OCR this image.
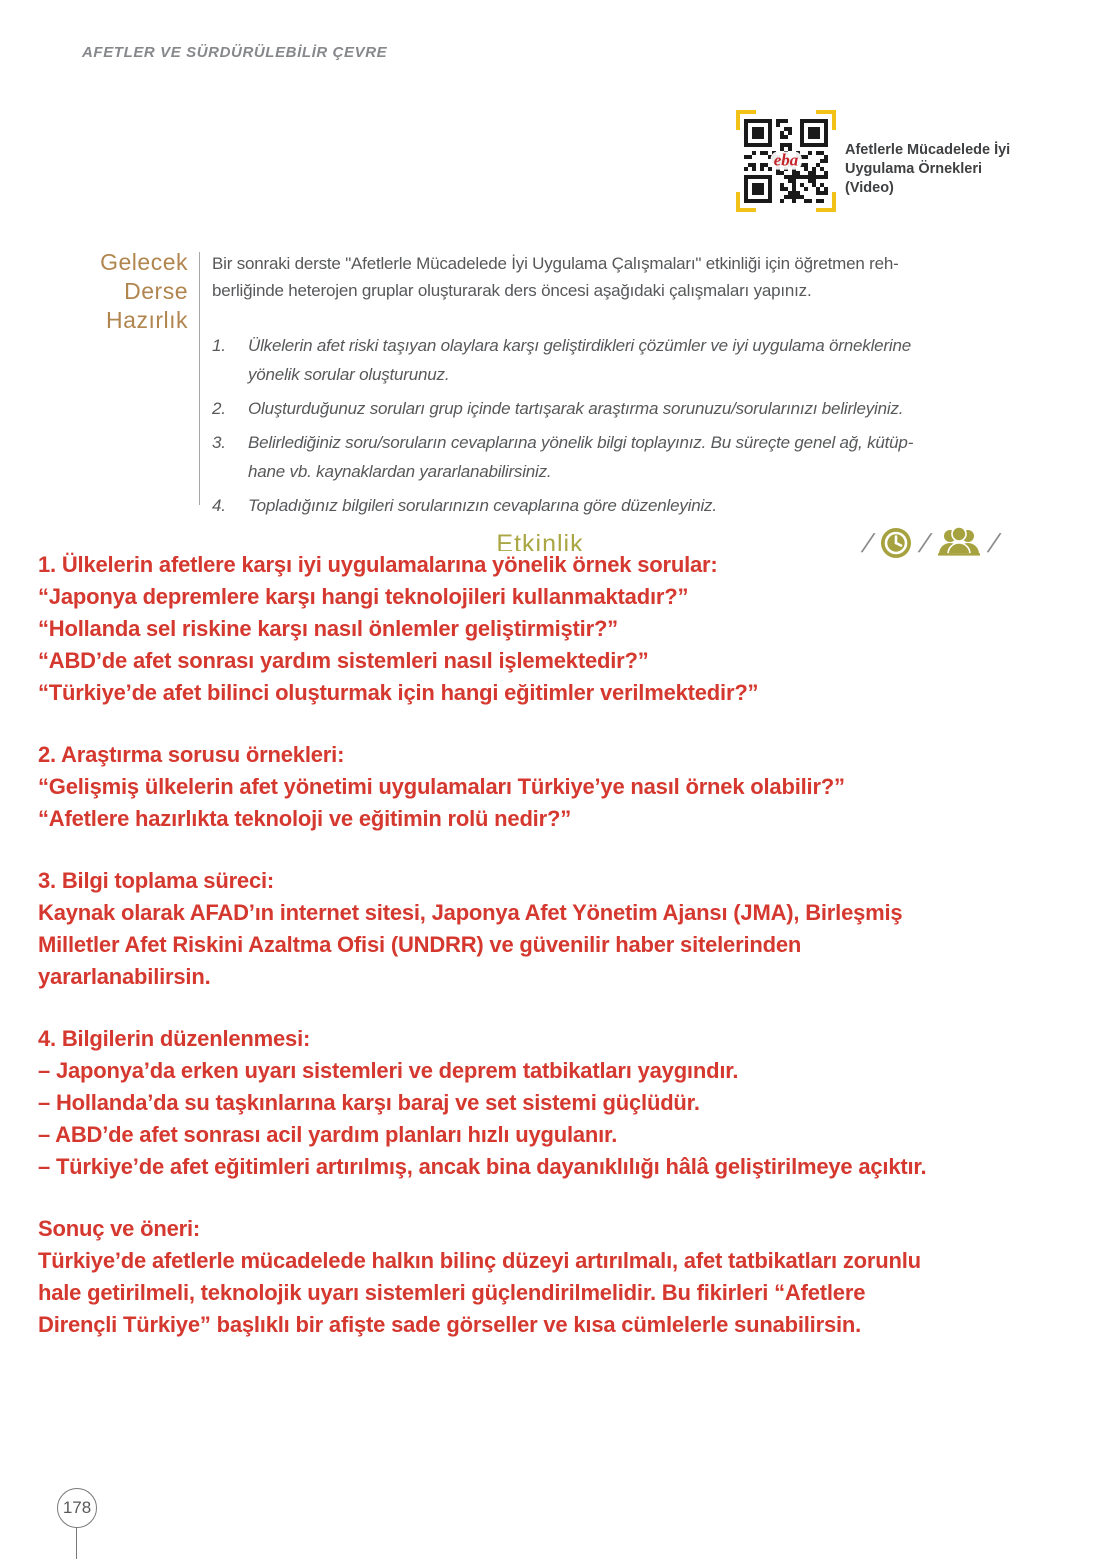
AFETLER VE SÜRDÜRÜLEBİLİR ÇEVRE
eba
Afetlerle Mücadelede İyi
Uygulama Örnekleri
(Video)
Gelecek
Derse
Hazırlık
Bir sonraki derste "Afetlerle Mücadelede İyi Uygulama Çalışmaları" etkinliği için öğretmen reh-
berliğinde heterojen gruplar oluşturarak ders öncesi aşağıdaki çalışmaları yapınız.
1.	Ülkelerin afet riski taşıyan olaylara karşı geliştirdikleri çözümler ve iyi uygulama örneklerine
yönelik sorular oluşturunuz.
2.	Oluşturduğunuz soruları grup içinde tartışarak araştırma sorunuzu/sorularınızı belirleyiniz.
3.	Belirlediğiniz soru/soruların cevaplarına yönelik bilgi toplayınız. Bu süreçte genel ağ, kütüp-
hane vb. kaynaklardan yararlanabilirsiniz.
4.	Topladığınız bilgileri sorularınızın cevaplarına göre düzenleyiniz.
Etkinlik	/ / /
1. Ülkelerin afetlere karşı iyi uygulamalarına yönelik örnek sorular:
“Japonya depremlere karşı hangi teknolojileri kullanmaktadır?”
“Hollanda sel riskine karşı nasıl önlemler geliştirmiştir?”
“ABD’de afet sonrası yardım sistemleri nasıl işlemektedir?”
“Türkiye’de afet bilinci oluşturmak için hangi eğitimler verilmektedir?”
2. Araştırma sorusu örnekleri:
“Gelişmiş ülkelerin afet yönetimi uygulamaları Türkiye’ye nasıl örnek olabilir?”
“Afetlere hazırlıkta teknoloji ve eğitimin rolü nedir?”
3. Bilgi toplama süreci:
Kaynak olarak AFAD’ın internet sitesi, Japonya Afet Yönetim Ajansı (JMA), Birleşmiş
Milletler Afet Riskini Azaltma Ofisi (UNDRR) ve güvenilir haber sitelerinden
yararlanabilirsin.
4. Bilgilerin düzenlenmesi:
– Japonya’da erken uyarı sistemleri ve deprem tatbikatları yaygındır.
– Hollanda’da su taşkınlarına karşı baraj ve set sistemi güçlüdür.
– ABD’de afet sonrası acil yardım planları hızlı uygulanır.
– Türkiye’de afet eğitimleri artırılmış, ancak bina dayanıklılığı hâlâ geliştirilmeye açıktır.
Sonuç ve öneri:
Türkiye’de afetlerle mücadelede halkın bilinç düzeyi artırılmalı, afet tatbikatları zorunlu
hale getirilmeli, teknolojik uyarı sistemleri güçlendirilmelidir. Bu fikirleri “Afetlere
Dirençli Türkiye” başlıklı bir afişte sade görseller ve kısa cümlelerle sunabilirsin.
178
